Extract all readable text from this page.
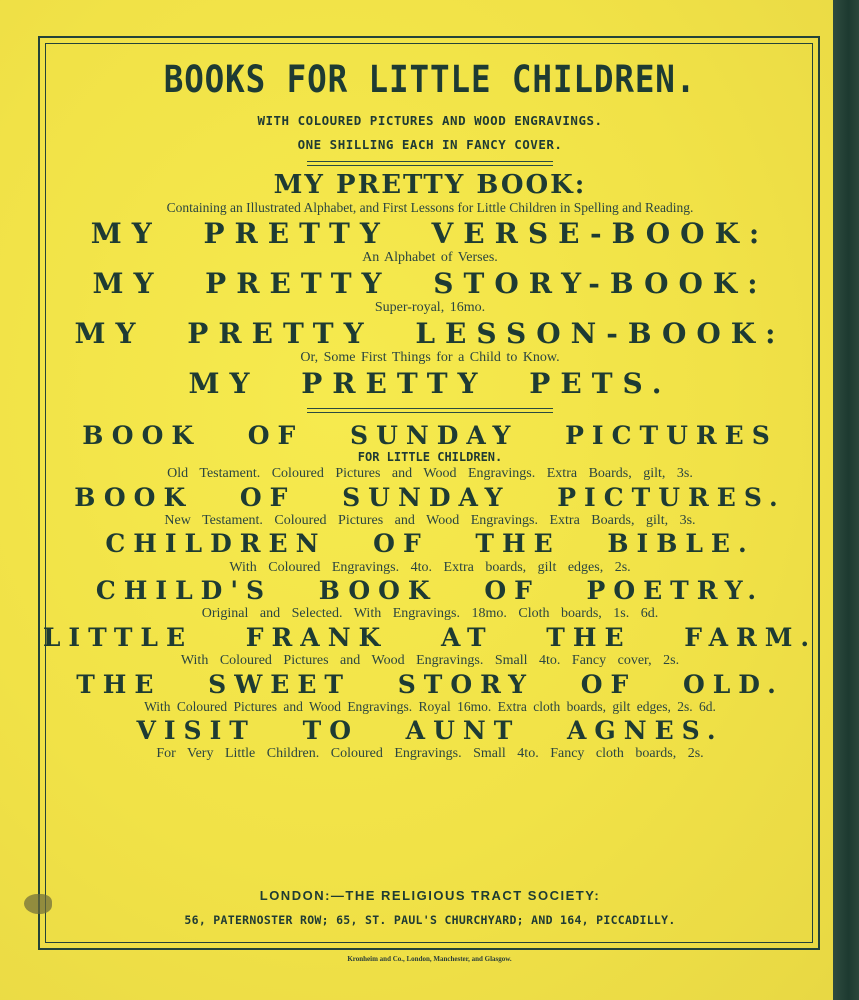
BOOKS FOR LITTLE CHILDREN.
WITH COLOURED PICTURES AND WOOD ENGRAVINGS.
ONE SHILLING EACH IN FANCY COVER.
MY PRETTY BOOK:
Containing an Illustrated Alphabet, and First Lessons for Little Children in Spelling and Reading.
MY PRETTY VERSE-BOOK:
An Alphabet of Verses.
MY PRETTY STORY-BOOK:
Super-royal, 16mo.
MY PRETTY LESSON-BOOK:
Or, Some First Things for a Child to Know.
MY PRETTY PETS.
BOOK OF SUNDAY PICTURES
FOR LITTLE CHILDREN.
Old Testament. Coloured Pictures and Wood Engravings. Extra Boards, gilt, 3s.
BOOK OF SUNDAY PICTURES.
New Testament. Coloured Pictures and Wood Engravings. Extra Boards, gilt, 3s.
CHILDREN OF THE BIBLE.
With Coloured Engravings. 4to. Extra boards, gilt edges, 2s.
CHILD'S BOOK OF POETRY.
Original and Selected. With Engravings. 18mo. Cloth boards, 1s. 6d.
LITTLE FRANK AT THE FARM.
With Coloured Pictures and Wood Engravings. Small 4to. Fancy cover, 2s.
THE SWEET STORY OF OLD.
With Coloured Pictures and Wood Engravings. Royal 16mo. Extra cloth boards, gilt edges, 2s. 6d.
VISIT TO AUNT AGNES.
For Very Little Children. Coloured Engravings. Small 4to. Fancy cloth boards, 2s.
LONDON:—THE RELIGIOUS TRACT SOCIETY:
56, PATERNOSTER ROW; 65, ST. PAUL'S CHURCHYARD; AND 164, PICCADILLY.
Kronheim and Co., London, Manchester, and Glasgow.
